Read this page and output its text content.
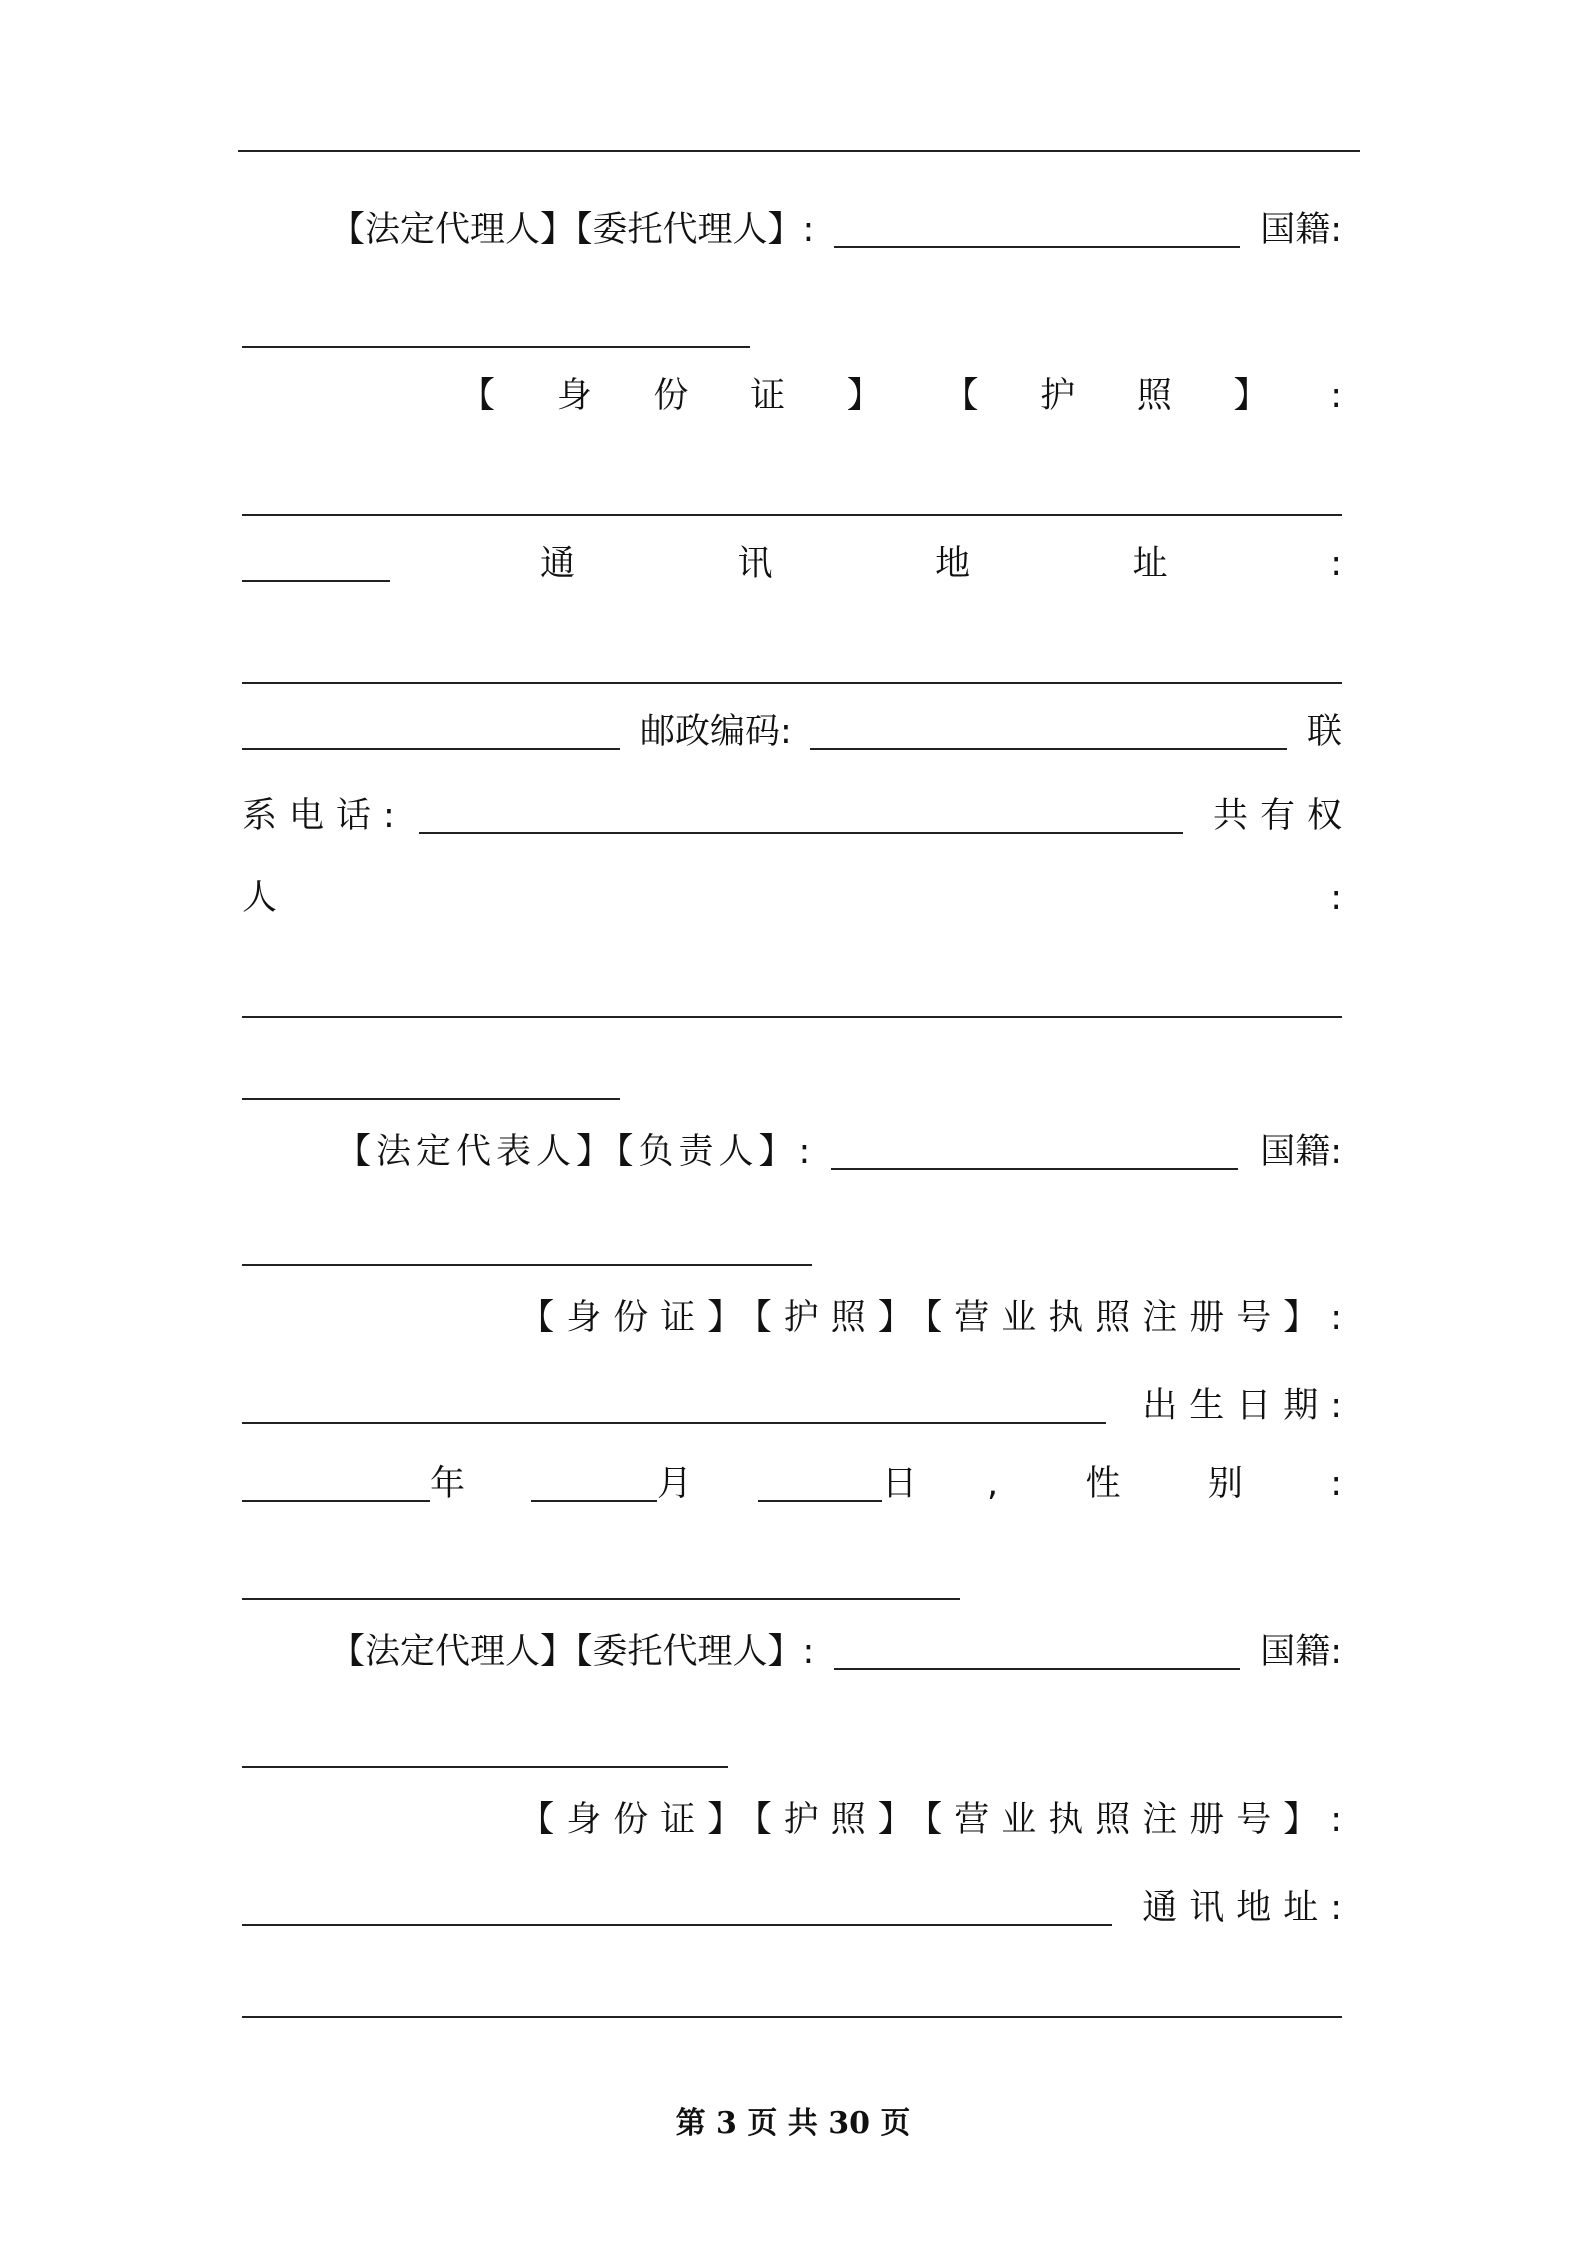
【法定代理人】【委托代理人】:	国籍:
【 身 份 证 】 【 护 照 】 :
通	讯	地	址	:
邮政编码:	联
系电话:	共有权
人	:
【法定代表人】【负责人】:	国籍:
【身份证】【护照】【营业执照注册号】:
出生日期:
年	月	日 , 性 别 :
【法定代理人】【委托代理人】:	国籍:
【身份证】【护照】【营业执照注册号】:
通讯地址:
第 3 页 共 30 页
